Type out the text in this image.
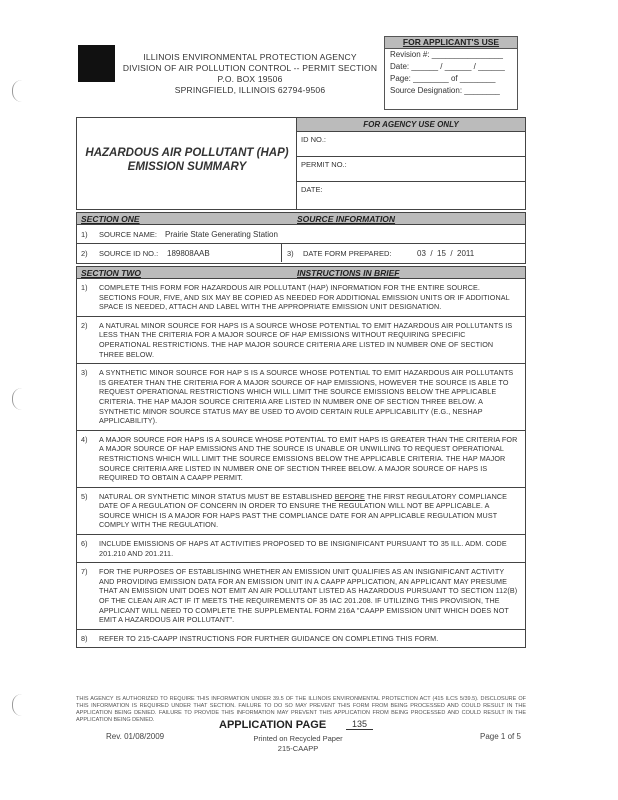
ILLINOIS ENVIRONMENTAL PROTECTION AGENCY
DIVISION OF AIR POLLUTION CONTROL -- PERMIT SECTION
P.O. BOX 19506
SPRINGFIELD, ILLINOIS 62794-9506
FOR APPLICANT'S USE
Revision #: ________________
Date: ______ / ______ / ______
Page: ________ of ________
Source Designation: ________
HAZARDOUS AIR POLLUTANT (HAP)
EMISSION SUMMARY
FOR AGENCY USE ONLY
ID NO.:
PERMIT NO.:
DATE:
SECTION ONE	SOURCE INFORMATION
1) SOURCE NAME: Prairie State Generating Station
2) SOURCE ID NO.: 189808AAB	3) DATE FORM PREPARED:	03  /  15  /  2011
SECTION TWO	INSTRUCTIONS IN BRIEF
1) COMPLETE THIS FORM FOR HAZARDOUS AIR POLLUTANT (HAP) INFORMATION FOR THE ENTIRE SOURCE. SECTIONS FOUR, FIVE, AND SIX MAY BE COPIED AS NEEDED FOR ADDITIONAL EMISSION UNITS OR IF ADDITIONAL SPACE IS NEEDED, ATTACH AND LABEL WITH THE APPROPRIATE EMISSION UNIT DESIGNATION.
2) A NATURAL MINOR SOURCE FOR HAPS IS A SOURCE WHOSE POTENTIAL TO EMIT HAZARDOUS AIR POLLUTANTS IS LESS THAN THE CRITERIA FOR A MAJOR SOURCE OF HAP EMISSIONS WITHOUT REQUIRING SPECIFIC OPERATIONAL RESTRICTIONS. THE HAP MAJOR SOURCE CRITERIA ARE LISTED IN NUMBER ONE OF SECTION THREE BELOW.
3) A SYNTHETIC MINOR SOURCE FOR HAP S IS A SOURCE WHOSE POTENTIAL TO EMIT HAZARDOUS AIR POLLUTANTS IS GREATER THAN THE CRITERIA FOR A MAJOR SOURCE OF HAP EMISSIONS, HOWEVER THE SOURCE IS ABLE TO REQUEST OPERATIONAL RESTRICTIONS WHICH WILL LIMIT THE SOURCE EMISSIONS BELOW THE APPLICABLE CRITERIA. THE HAP MAJOR SOURCE CRITERIA ARE LISTED IN NUMBER ONE OF SECTION THREE BELOW. A SYNTHETIC MINOR SOURCE STATUS MAY BE USED TO AVOID CERTAIN RULE APPLICABILITY (E.G., NESHAP APPLICABILITY).
4) A MAJOR SOURCE FOR HAPS IS A SOURCE WHOSE POTENTIAL TO EMIT HAPS IS GREATER THAN THE CRITERIA FOR A MAJOR SOURCE OF HAP EMISSIONS AND THE SOURCE IS UNABLE OR UNWILLING TO REQUEST OPERATIONAL RESTRICTIONS WHICH WILL LIMIT THE SOURCE EMISSIONS BELOW THE APPLICABLE CRITERIA. THE HAP MAJOR SOURCE CRITERIA ARE LISTED IN NUMBER ONE OF SECTION THREE BELOW. A MAJOR SOURCE OF HAPS IS REQUIRED TO OBTAIN A CAAPP PERMIT.
5) NATURAL OR SYNTHETIC MINOR STATUS MUST BE ESTABLISHED BEFORE THE FIRST REGULATORY COMPLIANCE DATE OF A REGULATION OF CONCERN IN ORDER TO ENSURE THE REGULATION WILL NOT BE APPLICABLE. A SOURCE WHICH IS A MAJOR FOR HAPS PAST THE COMPLIANCE DATE FOR AN APPLICABLE REGULATION MUST COMPLY WITH THE REGULATION.
6) INCLUDE EMISSIONS OF HAPS AT ACTIVITIES PROPOSED TO BE INSIGNIFICANT PURSUANT TO 35 ILL. ADM. CODE 201.210 AND 201.211.
7) FOR THE PURPOSES OF ESTABLISHING WHETHER AN EMISSION UNIT QUALIFIES AS AN INSIGNIFICANT ACTIVITY AND PROVIDING EMISSION DATA FOR AN EMISSION UNIT IN A CAAPP APPLICATION, AN APPLICANT MAY PRESUME THAT AN EMISSION UNIT DOES NOT EMIT AN AIR POLLUTANT LISTED AS HAZARDOUS PURSUANT TO SECTION 112(B) OF THE CLEAN AIR ACT IF IT MEETS THE REQUIREMENTS OF 35 IAC 201.208. IF UTILIZING THIS PROVISION, THE APPLICANT WILL NEED TO COMPLETE THE SUPPLEMENTAL FORM 216A "CAAPP EMISSION UNIT WHICH DOES NOT EMIT A HAZARDOUS AIR POLLUTANT".
8) REFER TO 215-CAAPP INSTRUCTIONS FOR FURTHER GUIDANCE ON COMPLETING THIS FORM.
THIS AGENCY IS AUTHORIZED TO REQUIRE THIS INFORMATION UNDER 39.5 OF THE ILLINOIS ENVIRONMENTAL PROTECTION ACT (415 ILCS 5/39.5). DISCLOSURE OF THIS INFORMATION IS REQUIRED UNDER THAT SECTION. FAILURE TO DO SO MAY PREVENT THIS FORM FROM BEING PROCESSED AND COULD RESULT IN THE APPLICATION BEING DENIED. FAILURE TO PROVIDE THIS INFORMATION MAY PREVENT THIS APPLICATION FROM BEING PROCESSED AND COULD RESULT IN THE APPLICATION BEING DENIED.
Rev. 01/08/2009
APPLICATION PAGE	135
Printed on Recycled Paper
215-CAAPP
Page 1 of 5
